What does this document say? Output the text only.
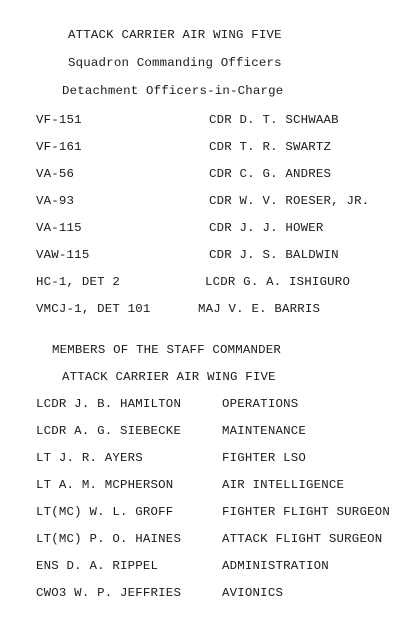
ATTACK CARRIER AIR WING FIVE
Squadron Commanding Officers
Detachment Officers-in-Charge
VF-151	CDR D. T. SCHWAAB
VF-161	CDR T. R. SWARTZ
VA-56	CDR C. G. ANDRES
VA-93	CDR W. V. ROESER, JR.
VA-115	CDR J. J. HOWER
VAW-115	CDR J. S. BALDWIN
HC-1, DET 2	LCDR G. A. ISHIGURO
VMCJ-1, DET 101	MAJ V. E. BARRIS
MEMBERS OF THE STAFF COMMANDER
ATTACK CARRIER AIR WING FIVE
LCDR J. B. HAMILTON	OPERATIONS
LCDR A. G. SIEBECKE	MAINTENANCE
LT J. R. AYERS	FIGHTER LSO
LT A. M. MCPHERSON	AIR INTELLIGENCE
LT(MC) W. L. GROFF	FIGHTER FLIGHT SURGEON
LT(MC) P. O. HAINES	ATTACK FLIGHT SURGEON
ENS D. A. RIPPEL	ADMINISTRATION
CWO3 W. P. JEFFRIES	AVIONICS
